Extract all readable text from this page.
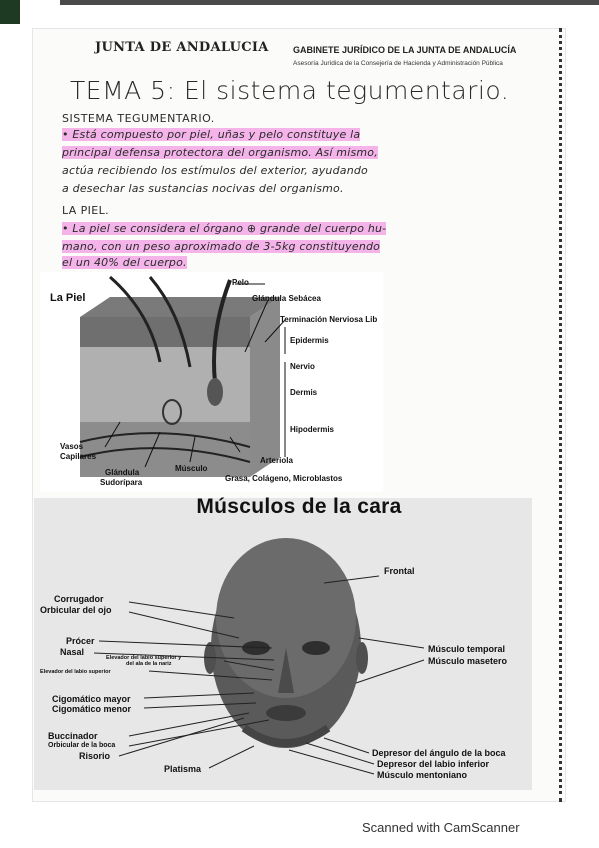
JUNTA DE ANDALUCIA	GABINETE JURÍDICO DE LA JUNTA DE ANDALUCÍA
Asesoría Jurídica de la Consejería de Hacienda y Administración Pública
TEMA 5: El sistema tegumentario.
SISTEMA TEGUMENTARIO.
• Está compuesto por piel, uñas y pelo constituye la
principal defensa protectora del organismo. Así mismo,
actúa recibiendo los estímulos del exterior, ayudando
a desechar las sustancias nocivas del organismo.
LA PIEL.
• La piel se considera el órgano ⊕ grande del cuerpo hu-
mano, con un peso aproximado de 3-5kg constituyendo
el un 40% del cuerpo.
La Piel
Pelo
Glándula Sebácea
Terminación Nerviosa Lib
Epidermis
Nervio
Dermis
Hipodermis
Vasos
Capilares	Arteriola
Glándula
Sudorípara
Músculo
Grasa, Colágeno, Microblastos
Frontal
Corrugador
Orbicular del ojo
Prócer
Nasal
Elevador del labio superior y
del ala de la nariz
Elevador del labio superior
Músculo temporal
Músculo masetero
Cigomático mayor
Cigomático menor
Buccinador
Orbicular de la boca
Risorio
Platisma
Depresor del ángulo de la boca
Depresor del labio inferior
Músculo mentoniano
Músculos de la cara
Scanned with CamScanner
